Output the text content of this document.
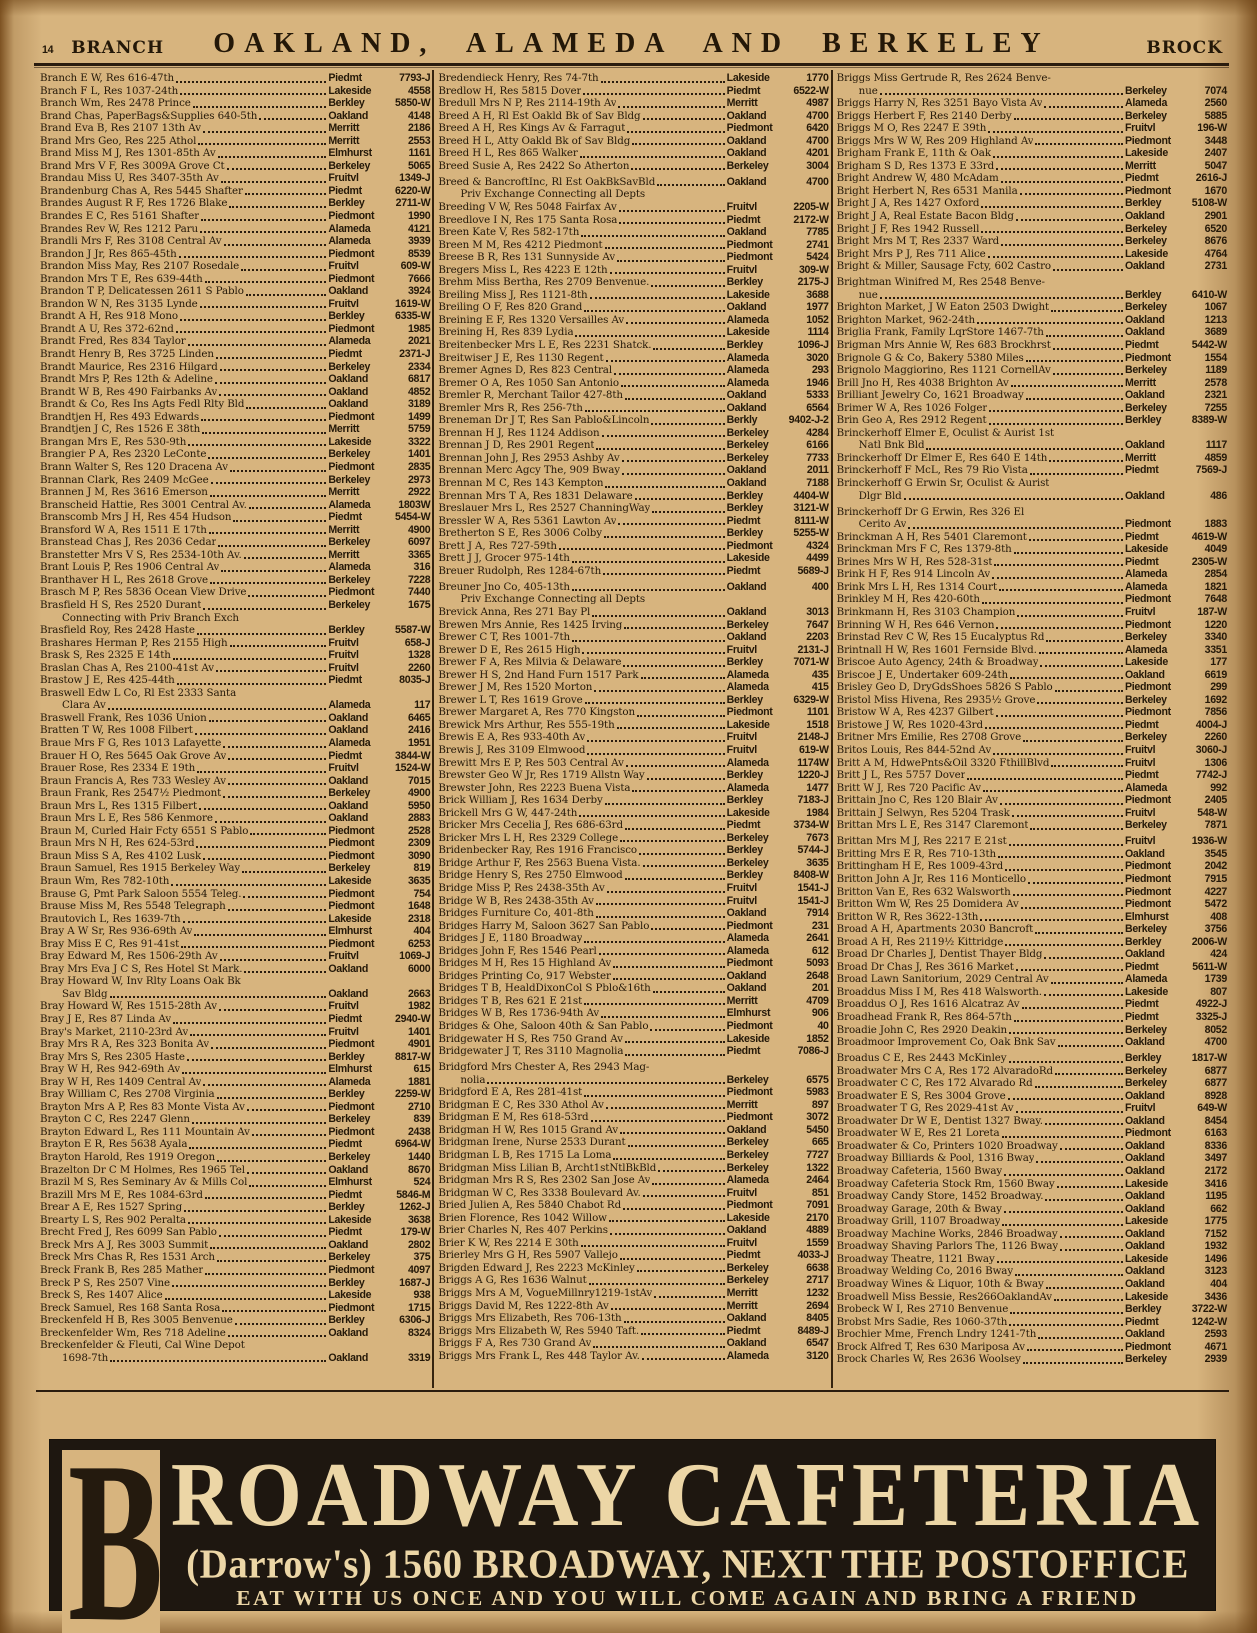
14 BRANCH	OAKLAND, ALAMEDA AND BERKELEY	BROCK
Branch E W, Res 616-47th	Piedmt	7793-J
Branch F L, Res 1037-24th	Lakeside	4558
Branch Wm, Res 2478 Prince	Berkley	5850-W
Brand Chas, PaperBags&Supplies 640-5th	Oakland	4148
Brand Eva B, Res 2107 13th Av	Merritt	2186
Brand Mrs Geo, Res 225 Athol	Merritt	2553
Brand Miss M J, Res 1301-85th Av	Elmhurst	1161
Brand Mrs V F, Res 3009A Grove Ct	Berkeley	5065
Brandau Miss U, Res 3407-35th Av	Fruitvl	1349-J
Brandenburg Chas A, Res 5445 Shafter	Piedmt	6220-W
Brandes August R F, Res 1726 Blake	Berkley	2711-W
Brandes E C, Res 5161 Shafter	Piedmont	1990
Brandes Rev W, Res 1212 Paru	Alameda	4121
Brandli Mrs F, Res 3108 Central Av	Alameda	3939
Brandon J Jr, Res 865-45th	Piedmont	8539
Brandon Miss May, Res 2107 Rosedale	Fruitvl	609-W
Brandon Mrs T E, Res 639-44th	Piedmont	7666
Brandon T P, Delicatessen 2611 S Pablo	Oakland	3924
Brandon W N, Res 3135 Lynde	Fruitvl	1619-W
Brandt A H, Res 918 Mono	Berkley	6335-W
Brandt A U, Res 372-62nd	Piedmont	1985
Brandt Fred, Res 834 Taylor	Alameda	2021
Brandt Henry B, Res 3725 Linden	Piedmt	2371-J
Brandt Maurice, Res 2316 Hilgard	Berkeley	2334
Brandt Mrs P, Res 12th & Adeline	Oakland	6817
Brandt W B, Res 490 Fairbanks Av	Oakland	4852
Brandt & Co, Res Ins Agts Fedl Rlty Bld	Oakland	3189
Brandtjen H, Res 493 Edwards	Piedmont	1499
Brandtjen J C, Res 1526 E 38th	Merritt	5759
Brangan Mrs E, Res 530-9th	Lakeside	3322
Brangier P A, Res 2320 LeConte	Berkeley	1401
Brann Walter S, Res 120 Dracena Av	Piedmont	2835
Brannan Clark, Res 2409 McGee	Berkeley	2973
Brannen J M, Res 3616 Emerson	Merritt	2922
Branscheid Hattie, Res 3001 Central Av.	Alameda	1803W
Branscomb Mrs J H, Res 454 Hudson	Piedmt	5454-W
Bransford W A, Res 1511 E 17th	Merritt	4900
Branstead Chas J, Res 2036 Cedar	Berkeley	6097
Branstetter Mrs V S, Res 2534-10th Av.	Merritt	3365
Brant Louis P, Res 1906 Central Av	Alameda	316
Branthaver H L, Res 2618 Grove	Berkeley	7228
Brasch M P, Res 5836 Ocean View Drive	Piedmont	7440
Brasfield H S, Res 2520 Durant	Berkeley	1675
Connecting with Priv Branch Exch
Brasfield Roy, Res 2428 Haste	Berkley	5587-W
Brashares Herman P, Res 2155 High	Fruitvl	658-J
Brask S, Res 2325 E 14th	Fruitvl	1328
Braslan Chas A, Res 2100-41st Av	Fruitvl	2260
Brastow J E, Res 425-44th	Piedmt	8035-J
Braswell Edw L Co, Rl Est 2333 Santa
Clara Av	Alameda	117
Braswell Frank, Res 1036 Union	Oakland	6465
Bratten T W, Res 1008 Filbert	Oakland	2416
Braue Mrs F G, Res 1013 Lafayette	Alameda	1951
Brauer H O, Res 5645 Oak Grove Av	Piedmt	3844-W
Brauer Rose, Res 2334 E 19th	Fruitvl	1524-W
Braun Francis A, Res 733 Wesley Av	Oakland	7015
Braun Frank, Res 2547½ Piedmont	Berkeley	4900
Braun Mrs L, Res 1315 Filbert	Oakland	5950
Braun Mrs L E, Res 586 Kenmore	Oakland	2883
Braun M, Curled Hair Fcty 6551 S Pablo	Piedmont	2528
Braun Mrs N H, Res 624-53rd	Piedmont	2309
Braun Miss S A, Res 4102 Lusk	Piedmont	3090
Braun Samuel, Res 1915 Berkeley Way	Berkeley	819
Braun Wm, Res 782-10th	Lakeside	3635
Brause G, Pmt Park Saloon 5554 Teleg.	Piedmont	754
Brause Miss M, Res 5548 Telegraph	Piedmont	1648
Brautovich L, Res 1639-7th	Lakeside	2318
Bray A W Sr, Res 936-69th Av	Elmhurst	404
Bray Miss E C, Res 91-41st	Piedmont	6253
Bray Edward M, Res 1506-29th Av	Fruitvl	1069-J
Bray Mrs Eva J C S, Res Hotel St Mark.	Oakland	6000
Bray Howard W, Inv Rlty Loans Oak Bk
Sav Bldg	Oakland	2663
Bray Howard W, Res 1515-28th Av	Fruitvl	1982
Bray J E, Res 87 Linda Av	Piedmt	2940-W
Bray's Market, 2110-23rd Av	Fruitvl	1401
Bray Mrs R A, Res 323 Bonita Av	Piedmont	4901
Bray Mrs S, Res 2305 Haste	Berkley	8817-W
Bray W H, Res 942-69th Av	Elmhurst	615
Bray W H, Res 1409 Central Av	Alameda	1881
Bray William C, Res 2708 Virginia	Berkley	2259-W
Brayton Mrs A P, Res 83 Monte Vista Av	Piedmont	2710
Brayton C C, Res 2247 Glenn	Berkeley	839
Brayton Edward L, Res 111 Mountain Av	Piedmont	2438
Brayton E R, Res 5638 Ayala	Piedmt	6964-W
Brayton Harold, Res 1919 Oregon	Berkeley	1440
Brazelton Dr C M Holmes, Res 1965 Tel	Oakland	8670
Brazil M S, Res Seminary Av & Mills Col	Elmhurst	524
Brazill Mrs M E, Res 1084-63rd	Piedmt	5846-M
Brear A E, Res 1527 Spring	Berkley	1262-J
Brearty L S, Res 902 Peralta	Lakeside	3638
Brecht Fred J, Res 6099 San Pablo	Piedmt	179-W
Breck Mrs A J, Res 3003 Summit	Oakland	2802
Breck Mrs Chas R, Res 1531 Arch	Berkeley	375
Breck Frank B, Res 285 Mather	Piedmont	4097
Breck P S, Res 2507 Vine	Berkley	1687-J
Breck S, Res 1407 Alice	Lakeside	938
Breck Samuel, Res 168 Santa Rosa	Piedmont	1715
Breckenfeld H B, Res 3005 Benvenue	Berkley	6306-J
Breckenfelder Wm, Res 718 Adeline	Oakland	8324
Breckenfelder & Fleuti, Cal Wine Depot
1698-7th	Oakland	3319
Bredendieck Henry, Res 74-7th	Lakeside	1770
Bredlow H, Res 5815 Dover	Piedmt	6522-W
Bredull Mrs N P, Res 2114-19th Av	Merritt	4987
Breed A H, Rl Est Oakld Bk of Sav Bldg	Oakland	4700
Breed A H, Res Kings Av & Farragut	Piedmont	6420
Breed H L, Atty Oakld Bk of Sav Bldg	Oakland	4700
Breed H L, Res 865 Walker	Oakland	4201
Breed Susie A, Res 2422 So Atherton	Berkeley	3004
Breed & BancroftInc, Rl Est OakBkSavBld	Oakland	4700
Priv Exchange Connecting all Depts
Breeding V W, Res 5048 Fairfax Av	Fruitvl	2205-W
Breedlove I N, Res 175 Santa Rosa	Piedmt	2172-W
Breen Kate V, Res 582-17th	Oakland	7785
Breen M M, Res 4212 Piedmont	Piedmont	2741
Breese B R, Res 131 Sunnyside Av	Piedmont	5424
Bregers Miss L, Res 4223 E 12th	Fruitvl	309-W
Brehm Miss Bertha, Res 2709 Benvenue.	Berkley	2175-J
Breiling Miss J, Res 1121-8th	Lakeside	3688
Breiling O F, Res 820 Grand	Oakland	1977
Breining E F, Res 1320 Versailles Av	Alameda	1052
Breining H, Res 839 Lydia	Lakeside	1114
Breitenbecker Mrs L E, Res 2231 Shatck.	Berkley	1096-J
Breitwiser J E, Res 1130 Regent	Alameda	3020
Bremer Agnes D, Res 823 Central	Alameda	293
Bremer O A, Res 1050 San Antonio	Alameda	1946
Bremler R, Merchant Tailor 427-8th	Oakland	5333
Bremler Mrs R, Res 256-7th	Oakland	6564
Breneman Dr J T, Res San Pablo&Lincoln	Berkly	9402-J-2
Brennan H J, Res 1124 Addison	Berkeley	4284
Brennan J D, Res 2901 Regent	Berkeley	6166
Brennan John J, Res 2953 Ashby Av	Berkeley	7733
Brennan Merc Agcy The, 909 Bway	Oakland	2011
Brennan M C, Res 143 Kempton	Oakland	7188
Brennan Mrs T A, Res 1831 Delaware	Berkley	4404-W
Breslauer Mrs L, Res 2527 ChanningWay	Berkley	3121-W
Bressler W A, Res 5361 Lawton Av	Piedmt	8111-W
Bretherton S E, Res 3006 Colby	Berkley	5255-W
Brett J A, Res 727-59th	Piedmont	4324
Brett J J, Grocer 975-14th	Lakeside	4499
Breuer Rudolph, Res 1284-67th	Piedmt	5689-J
Breuner Jno Co, 405-13th	Oakland	400
Priv Exchange Connecting all Depts
Brevick Anna, Res 271 Bay Pl	Oakland	3013
Brewen Mrs Annie, Res 1425 Irving	Berkeley	7647
Brewer C T, Res 1001-7th	Oakland	2203
Brewer D E, Res 2615 High	Fruitvl	2131-J
Brewer F A, Res Milvia & Delaware	Berkley	7071-W
Brewer H S, 2nd Hand Furn 1517 Park	Alameda	435
Brewer J M, Res 1520 Morton	Alameda	415
Brewer L T, Res 1619 Grove	Berkley	6329-W
Brewer Margaret A, Res 770 Kingston	Piedmont	1101
Brewick Mrs Arthur, Res 555-19th	Lakeside	1518
Brewis E A, Res 933-40th Av	Fruitvl	2148-J
Brewis J, Res 3109 Elmwood	Fruitvl	619-W
Brewitt Mrs E P, Res 503 Central Av	Alameda	1174W
Brewster Geo W Jr, Res 1719 Allstn Way	Berkley	1220-J
Brewster John, Res 2223 Buena Vista	Alameda	1477
Brick William J, Res 1634 Derby	Berkley	7183-J
Brickell Mrs G W, 447-24th	Lakeside	1984
Bricker Mrs Cecelia J, Res 686-63rd	Piedmt	3734-W
Bricker Mrs L H, Res 2329 College	Berkeley	7673
Bridenbecker Ray, Res 1916 Francisco	Berkley	5744-J
Bridge Arthur F, Res 2563 Buena Vista.	Berkeley	3635
Bridge Henry S, Res 2750 Elmwood	Berkley	8408-W
Bridge Miss P, Res 2438-35th Av	Fruitvl	1541-J
Bridge W B, Res 2438-35th Av	Fruitvl	1541-J
Bridges Furniture Co, 401-8th	Oakland	7914
Bridges Harry M, Saloon 3627 San Pablo	Piedmont	231
Bridges J E, 1180 Broadway	Alameda	2641
Bridges John F, Res 1546 Pearl	Alameda	612
Bridges M H, Res 15 Highland Av	Piedmont	5093
Bridges Printing Co, 917 Webster	Oakland	2648
Bridges T B, HealdDixonCol S Pblo&16th	Oakland	201
Bridges T B, Res 621 E 21st	Merritt	4709
Bridges W B, Res 1736-94th Av	Elmhurst	906
Bridges & Ohe, Saloon 40th & San Pablo	Piedmont	40
Bridgewater H S, Res 750 Grand Av	Lakeside	1852
Bridgewater J T, Res 3110 Magnolia	Piedmt	7086-J
Bridgford Mrs Chester A, Res 2943 Mag-
nolia	Berkeley	6575
Bridgford E A, Res 281-41st	Piedmont	5983
Bridgman E C, Res 330 Athol Av	Merritt	897
Bridgman E M, Res 618-53rd	Piedmont	3072
Bridgman H W, Res 1015 Grand Av	Oakland	5450
Bridgman Irene, Nurse 2533 Durant	Berkeley	665
Bridgman L B, Res 1715 La Loma	Berkeley	7727
Bridgman Miss Lilian B, Archt1stNtlBkBld	Berkeley	1322
Bridgman Mrs R S, Res 2302 San Jose Av	Alameda	2464
Bridgman W C, Res 3338 Boulevard Av.	Fruitvl	851
Bried Julien A, Res 5840 Chabot Rd	Piedmont	7091
Brien Florence, Res 1042 Willow	Lakeside	2170
Brier Charles N, Res 407 Perkins	Oakland	4889
Brier K W, Res 2214 E 30th	Fruitvl	1559
Brierley Mrs G H, Res 5907 Vallejo	Piedmt	4033-J
Brigden Edward J, Res 2223 McKinley	Berkeley	6638
Briggs A G, Res 1636 Walnut	Berkeley	2717
Briggs Mrs A M, VogueMillnry1219-1stAv	Merritt	1232
Briggs David M, Res 1222-8th Av	Merritt	2694
Briggs Mrs Elizabeth, Res 706-13th	Oakland	8405
Briggs Mrs Elizabeth W, Res 5940 Taft.	Piedmt	8489-J
Briggs F A, Res 730 Grand Av	Oakland	6547
Briggs Mrs Frank L, Res 448 Taylor Av.	Alameda	3120
Briggs Miss Gertrude R, Res 2624 Benve-
nue	Berkeley	7074
Briggs Harry N, Res 3251 Bayo Vista Av	Alameda	2560
Briggs Herbert F, Res 2140 Derby	Berkeley	5885
Briggs M O, Res 2247 E 39th	Fruitvl	196-W
Briggs Mrs W W, Res 209 Highland Av	Piedmont	3448
Brigham Frank E, 11th & Oak	Lakeside	2407
Brigham S D, Res 1373 E 33rd	Merritt	5047
Bright Andrew W, 480 McAdam	Piedmt	2616-J
Bright Herbert N, Res 6531 Manila	Piedmont	1670
Bright J A, Res 1427 Oxford	Berkley	5108-W
Bright J A, Real Estate Bacon Bldg	Oakland	2901
Bright J F, Res 1942 Russell	Berkeley	6520
Bright Mrs M T, Res 2337 Ward	Berkeley	8676
Bright Mrs P J, Res 711 Alice	Lakeside	4764
Bright & Miller, Sausage Fcty, 602 Castro	Oakland	2731
Brightman Winifred M, Res 2548 Benve-
nue	Berkley	6410-W
Brighton Market, J W Eaton 2503 Dwight	Berkeley	1067
Brighton Market, 962-24th	Oakland	1213
Briglia Frank, Family LqrStore 1467-7th	Oakland	3689
Brigman Mrs Annie W, Res 683 Brockhrst	Piedmt	5442-W
Brignole G & Co, Bakery 5380 Miles	Piedmont	1554
Brignolo Maggiorino, Res 1121 CornellAv	Berkeley	1189
Brill Jno H, Res 4038 Brighton Av	Merritt	2578
Brilliant Jewelry Co, 1621 Broadway	Oakland	2321
Brimer W A, Res 1026 Folger	Berkeley	7255
Brin Geo A, Res 2912 Regent	Berkley	8389-W
Brinckerhoff Elmer E, Oculist & Aurist 1st
Natl Bnk Bld	Oakland	1117
Brinckerhoff Dr Elmer E, Res 640 E 14th	Merritt	4859
Brinckerhoff F McL, Res 79 Rio Vista	Piedmt	7569-J
Brinckerhoff G Erwin Sr, Oculist & Aurist
Dlgr Bld	Oakland	486
Brinckerhoff Dr G Erwin, Res 326 El
Cerito Av	Piedmont	1883
Brinckman A H, Res 5401 Claremont	Piedmt	4619-W
Brinckman Mrs F C, Res 1379-8th	Lakeside	4049
Brines Mrs W H, Res 528-31st	Piedmt	2305-W
Brink H F, Res 914 Lincoln Av	Alameda	2854
Brink Mrs L H, Res 1314 Court	Alameda	1821
Brinkley M H, Res 420-60th	Piedmont	7648
Brinkmann H, Res 3103 Champion	Fruitvl	187-W
Brinning W H, Res 646 Vernon	Piedmont	1220
Brinstad Rev C W, Res 15 Eucalyptus Rd	Berkeley	3340
Brintnall H W, Res 1601 Fernside Blvd.	Alameda	3351
Briscoe Auto Agency, 24th & Broadway	Lakeside	177
Briscoe J E, Undertaker 609-24th	Oakland	6619
Brisley Geo D, DryGdsShoes 5826 S Pablo	Piedmont	299
Bristol Miss Hivena, Res 2935½ Grove	Berkeley	1692
Bristow W A, Res 4237 Gilbert	Piedmont	7856
Bristowe J W, Res 1020-43rd	Piedmt	4004-J
Britner Mrs Emilie, Res 2708 Grove	Berkeley	2260
Britos Louis, Res 844-52nd Av	Fruitvl	3060-J
Britt A M, HdwePnts&Oil 3320 FthillBlvd	Fruitvl	1306
Britt J L, Res 5757 Dover	Piedmt	7742-J
Britt W J, Res 720 Pacific Av	Alameda	992
Brittain Jno C, Res 120 Blair Av	Piedmont	2405
Brittain J Selwyn, Res 5204 Trask	Fruitvl	548-W
Brittan Mrs L E, Res 3147 Claremont	Berkeley	7871
Brittan Mrs M J, Res 2217 E 21st	Fruitvl	1936-W
Britting Mrs E R, Res 710-13th	Oakland	3545
Brittingham H E, Res 1009-43rd	Piedmont	2042
Britton John A Jr, Res 116 Monticello	Piedmont	7915
Britton Van E, Res 632 Walsworth	Piedmont	4227
Britton Wm W, Res 25 Domidera Av	Piedmont	5472
Britton W R, Res 3622-13th	Elmhurst	408
Broad A H, Apartments 2030 Bancroft	Berkeley	3756
Broad A H, Res 2119½ Kittridge	Berkley	2006-W
Broad Dr Charles J, Dentist Thayer Bldg	Oakland	424
Broad Dr Chas J, Res 3616 Market	Piedmt	5611-W
Broad Lawn Sanitorium, 2029 Central Av	Alameda	1739
Broaddus Miss I M, Res 418 Walsworth.	Lakeside	807
Broaddus O J, Res 1616 Alcatraz Av	Piedmt	4922-J
Broadhead Frank R, Res 864-57th	Piedmt	3325-J
Broadie John C, Res 2920 Deakin	Berkeley	8052
Broadmoor Improvement Co, Oak Bnk Sav	Oakland	4700
Broadus C E, Res 2443 McKinley	Berkley	1817-W
Broadwater Mrs C A, Res 172 AlvaradoRd	Berkeley	6877
Broadwater C C, Res 172 Alvarado Rd	Berkeley	6877
Broadwater E S, Res 3004 Grove	Oakland	8928
Broadwater T G, Res 2029-41st Av	Fruitvl	649-W
Broadwater Dr W E, Dentist 1327 Bway.	Oakland	8454
Broadwater W E, Res 21 Loreta	Piedmont	6163
Broadwater & Co, Printers 1020 Broadway	Oakland	8336
Broadway Billiards & Pool, 1316 Bway	Oakland	3497
Broadway Cafeteria, 1560 Bway	Oakland	2172
Broadway Cafeteria Stock Rm, 1560 Bway	Lakeside	3416
Broadway Candy Store, 1452 Broadway.	Oakland	1195
Broadway Garage, 20th & Bway	Oakland	662
Broadway Grill, 1107 Broadway	Lakeside	1775
Broadway Machine Works, 2846 Broadway	Oakland	7152
Broadway Shaving Parlors The, 1126 Bway	Oakland	1932
Broadway Theatre, 1121 Bway	Lakeside	1496
Broadway Welding Co, 2016 Bway	Oakland	3123
Broadway Wines & Liquor, 10th & Bway	Oakland	404
Broadwell Miss Bessie, Res266OaklandAv	Lakeside	3436
Brobeck W I, Res 2710 Benvenue	Berkley	3722-W
Brobst Mrs Sadie, Res 1060-37th	Piedmt	1242-W
Brochier Mme, French Lndry 1241-7th	Oakland	2593
Brock Alfred T, Res 630 Mariposa Av	Piedmont	4671
Brock Charles W, Res 2636 Woolsey	Berkeley	2939
B ROADWAY CAFETERIA
(Darrow's) 1560 BROADWAY, NEXT THE POSTOFFICE
EAT WITH US ONCE AND YOU WILL COME AGAIN AND BRING A FRIEND
